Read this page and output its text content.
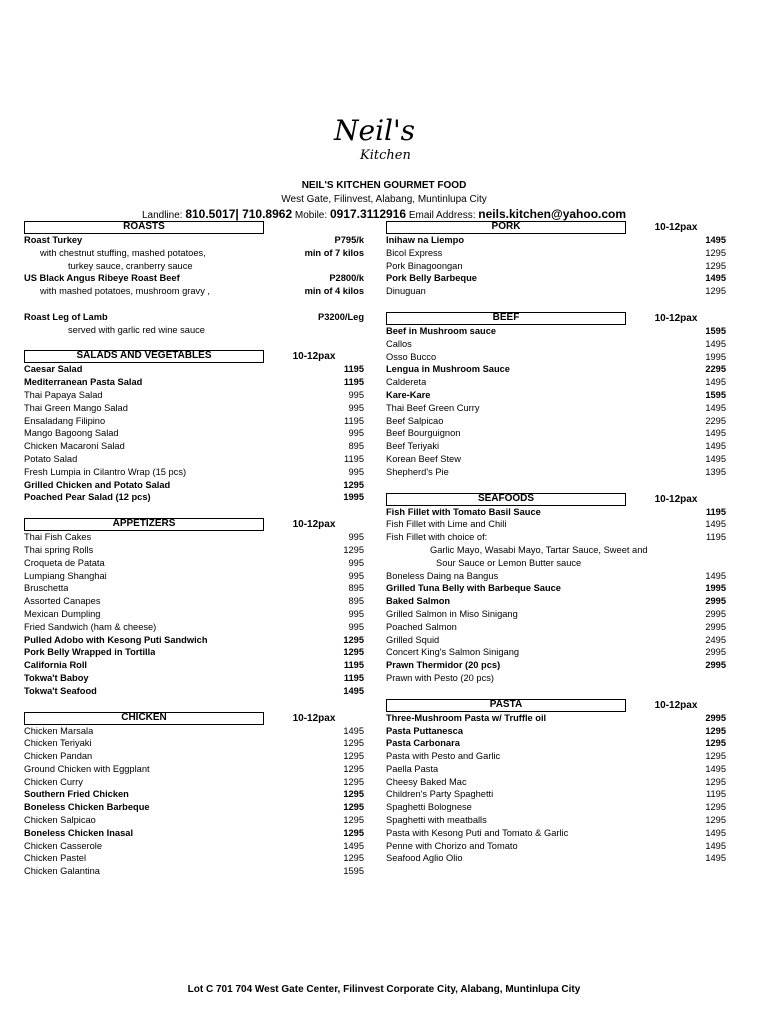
Neil's
Kitchen
NEIL'S KITCHEN GOURMET FOOD
West Gate, Filinvest, Alabang, Muntinlupa City
Landline: 810.5017| 710.8962 Mobile: 0917.3112916 Email Address: neils.kitchen@yahoo.com
ROASTS
Roast Turkey	P795/k
with chestnut stuffing, mashed potatoes,	min of 7 kilos
turkey sauce, cranberry sauce
US Black Angus Ribeye Roast Beef	P2800/k
with mashed potatoes, mushroom gravy ,	min of 4 kilos
Roast Leg of Lamb	P3200/Leg
served with garlic red wine sauce
SALADS AND VEGETABLES	10-12pax
Caesar Salad	1195
Mediterranean Pasta Salad	1195
Thai Papaya Salad	995
Thai Green Mango Salad	995
Ensaladang Filipino	1195
Mango Bagoong Salad	995
Chicken Macaroni Salad	895
Potato Salad	1195
Fresh Lumpia in Cilantro Wrap (15 pcs)	995
Grilled Chicken and Potato Salad	1295
Poached Pear Salad (12 pcs)	1995
APPETIZERS	10-12pax
Thai Fish Cakes	995
Thai spring Rolls	1295
Croqueta de Patata	995
Lumpiang Shanghai	995
Bruschetta	895
Assorted Canapes	895
Mexican Dumpling	995
Fried Sandwich (ham & cheese)	995
Pulled Adobo with Kesong Puti Sandwich	1295
Pork Belly Wrapped in Tortilla	1295
California Roll	1195
Tokwa't Baboy	1195
Tokwa't Seafood	1495
CHICKEN	10-12pax
Chicken Marsala	1495
Chicken Teriyaki	1295
Chicken Pandan	1295
Ground Chicken with Eggplant	1295
Chicken Curry	1295
Southern Fried Chicken	1295
Boneless Chicken Barbeque	1295
Chicken Salpicao	1295
Boneless Chicken Inasal	1295
Chicken Casserole	1495
Chicken Pastel	1295
Chicken Galantina	1595
PORK	10-12pax
Inihaw na Liempo	1495
Bicol Express	1295
Pork Binagoongan	1295
Pork Belly Barbeque	1495
Dinuguan	1295
BEEF	10-12pax
Beef in Mushroom sauce	1595
Callos	1495
Osso Bucco	1995
Lengua in Mushroom Sauce	2295
Caldereta	1495
Kare-Kare	1595
Thai Beef Green Curry	1495
Beef Salpicao	2295
Beef Bourguignon	1495
Beef Teriyaki	1495
Korean Beef Stew	1495
Shepherd's Pie	1395
SEAFOODS	10-12pax
Fish Fillet with Tomato Basil Sauce	1195
Fish Fillet with Lime and Chili	1495
Fish Fillet with choice of:	1195
Garlic Mayo, Wasabi Mayo, Tartar Sauce, Sweet and
Sour Sauce or Lemon Butter sauce
Boneless Daing na Bangus	1495
Grilled Tuna Belly with Barbeque Sauce	1995
Baked Salmon	2995
Grilled Salmon in Miso Sinigang	2995
Poached Salmon	2995
Grilled Squid	2495
Concert King's Salmon Sinigang	2995
Prawn Thermidor (20 pcs)	2995
Prawn with Pesto (20 pcs)
PASTA	10-12pax
Three-Mushroom Pasta w/ Truffle oil	2995
Pasta Puttanesca	1295
Pasta Carbonara	1295
Pasta with Pesto and Garlic	1295
Paella Pasta	1495
Cheesy Baked Mac	1295
Children's Party Spaghetti	1195
Spaghetti Bolognese	1295
Spaghetti with meatballs	1295
Pasta with Kesong Puti and Tomato & Garlic	1495
Penne with Chorizo and Tomato	1495
Seafood Aglio Olio	1495
Lot C 701 704 West Gate Center, Filinvest Corporate City, Alabang, Muntinlupa City
